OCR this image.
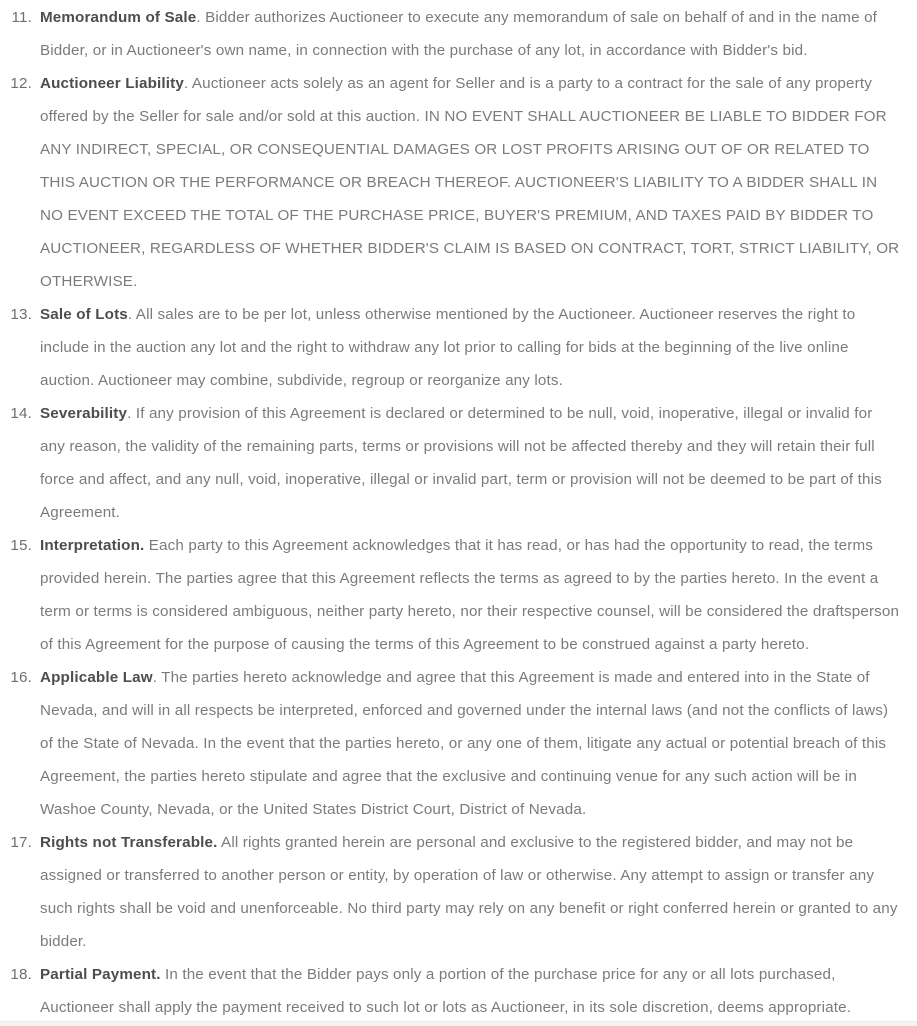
11. Memorandum of Sale. Bidder authorizes Auctioneer to execute any memorandum of sale on behalf of and in the name of Bidder, or in Auctioneer's own name, in connection with the purchase of any lot, in accordance with Bidder's bid.
12. Auctioneer Liability. Auctioneer acts solely as an agent for Seller and is a party to a contract for the sale of any property offered by the Seller for sale and/or sold at this auction. IN NO EVENT SHALL AUCTIONEER BE LIABLE TO BIDDER FOR ANY INDIRECT, SPECIAL, OR CONSEQUENTIAL DAMAGES OR LOST PROFITS ARISING OUT OF OR RELATED TO THIS AUCTION OR THE PERFORMANCE OR BREACH THEREOF. AUCTIONEER'S LIABILITY TO A BIDDER SHALL IN NO EVENT EXCEED THE TOTAL OF THE PURCHASE PRICE, BUYER'S PREMIUM, AND TAXES PAID BY BIDDER TO AUCTIONEER, REGARDLESS OF WHETHER BIDDER'S CLAIM IS BASED ON CONTRACT, TORT, STRICT LIABILITY, OR OTHERWISE.
13. Sale of Lots. All sales are to be per lot, unless otherwise mentioned by the Auctioneer. Auctioneer reserves the right to include in the auction any lot and the right to withdraw any lot prior to calling for bids at the beginning of the live online auction. Auctioneer may combine, subdivide, regroup or reorganize any lots.
14. Severability. If any provision of this Agreement is declared or determined to be null, void, inoperative, illegal or invalid for any reason, the validity of the remaining parts, terms or provisions will not be affected thereby and they will retain their full force and affect, and any null, void, inoperative, illegal or invalid part, term or provision will not be deemed to be part of this Agreement.
15. Interpretation. Each party to this Agreement acknowledges that it has read, or has had the opportunity to read, the terms provided herein. The parties agree that this Agreement reflects the terms as agreed to by the parties hereto. In the event a term or terms is considered ambiguous, neither party hereto, nor their respective counsel, will be considered the draftsperson of this Agreement for the purpose of causing the terms of this Agreement to be construed against a party hereto.
16. Applicable Law. The parties hereto acknowledge and agree that this Agreement is made and entered into in the State of Nevada, and will in all respects be interpreted, enforced and governed under the internal laws (and not the conflicts of laws) of the State of Nevada. In the event that the parties hereto, or any one of them, litigate any actual or potential breach of this Agreement, the parties hereto stipulate and agree that the exclusive and continuing venue for any such action will be in Washoe County, Nevada, or the United States District Court, District of Nevada.
17. Rights not Transferable. All rights granted herein are personal and exclusive to the registered bidder, and may not be assigned or transferred to another person or entity, by operation of law or otherwise. Any attempt to assign or transfer any such rights shall be void and unenforceable. No third party may rely on any benefit or right conferred herein or granted to any bidder.
18. Partial Payment. In the event that the Bidder pays only a portion of the purchase price for any or all lots purchased, Auctioneer shall apply the payment received to such lot or lots as Auctioneer, in its sole discretion, deems appropriate.
